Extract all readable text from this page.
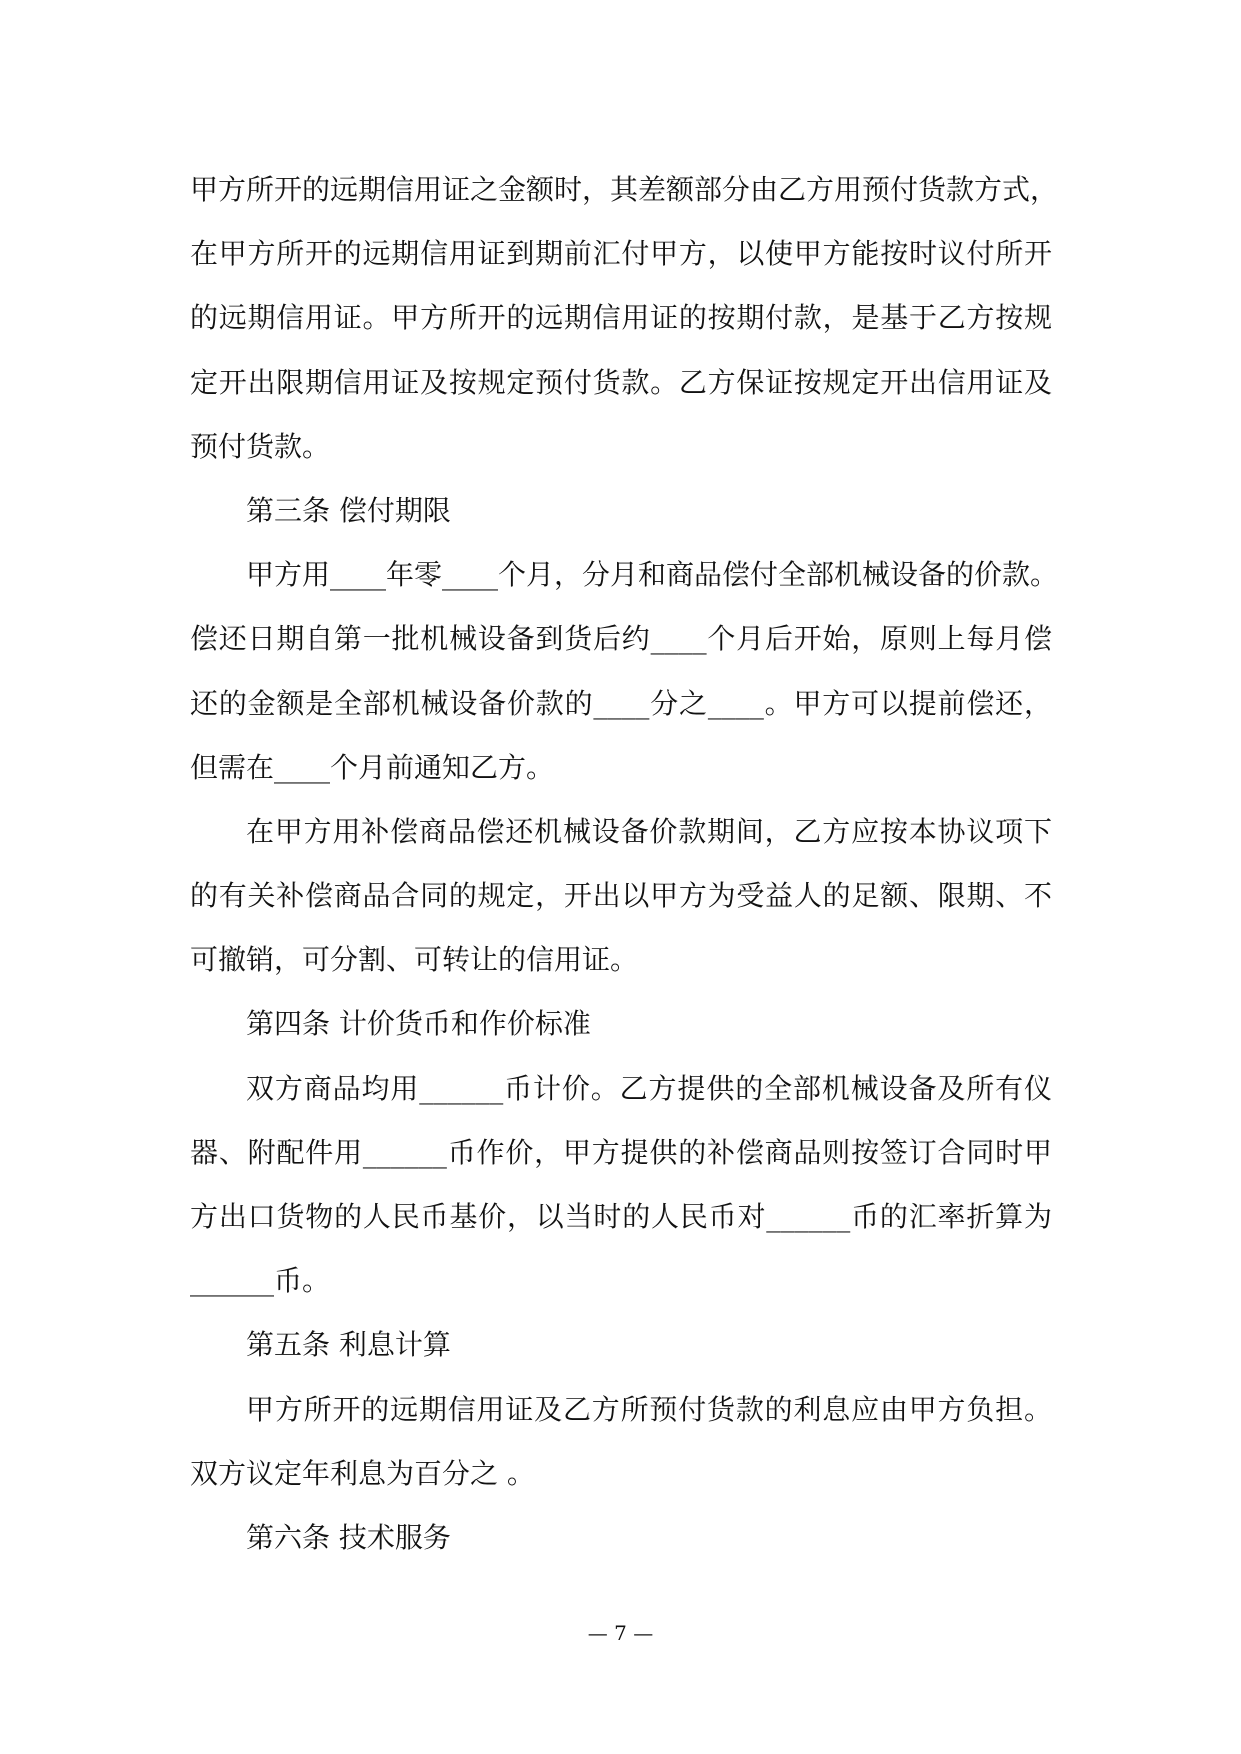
甲方所开的远期信用证之金额时，其差额部分由乙方用预付货款方式，
在甲方所开的远期信用证到期前汇付甲方，以使甲方能按时议付所开
的远期信用证。甲方所开的远期信用证的按期付款，是基于乙方按规
定开出限期信用证及按规定预付货款。乙方保证按规定开出信用证及
预付货款。
第三条 偿付期限
甲方用____年零____个月，分月和商品偿付全部机械设备的价款。
偿还日期自第一批机械设备到货后约____个月后开始，原则上每月偿
还的金额是全部机械设备价款的____分之____。甲方可以提前偿还，
但需在____个月前通知乙方。
在甲方用补偿商品偿还机械设备价款期间，乙方应按本协议项下
的有关补偿商品合同的规定，开出以甲方为受益人的足额、限期、不
可撤销，可分割、可转让的信用证。
第四条 计价货币和作价标准
双方商品均用______币计价。乙方提供的全部机械设备及所有仪
器、附配件用______币作价，甲方提供的补偿商品则按签订合同时甲
方出口货物的人民币基价，以当时的人民币对______币的汇率折算为
______币。
第五条 利息计算
甲方所开的远期信用证及乙方所预付货款的利息应由甲方负担。
双方议定年利息为百分之 。
第六条 技术服务
— 7 —
